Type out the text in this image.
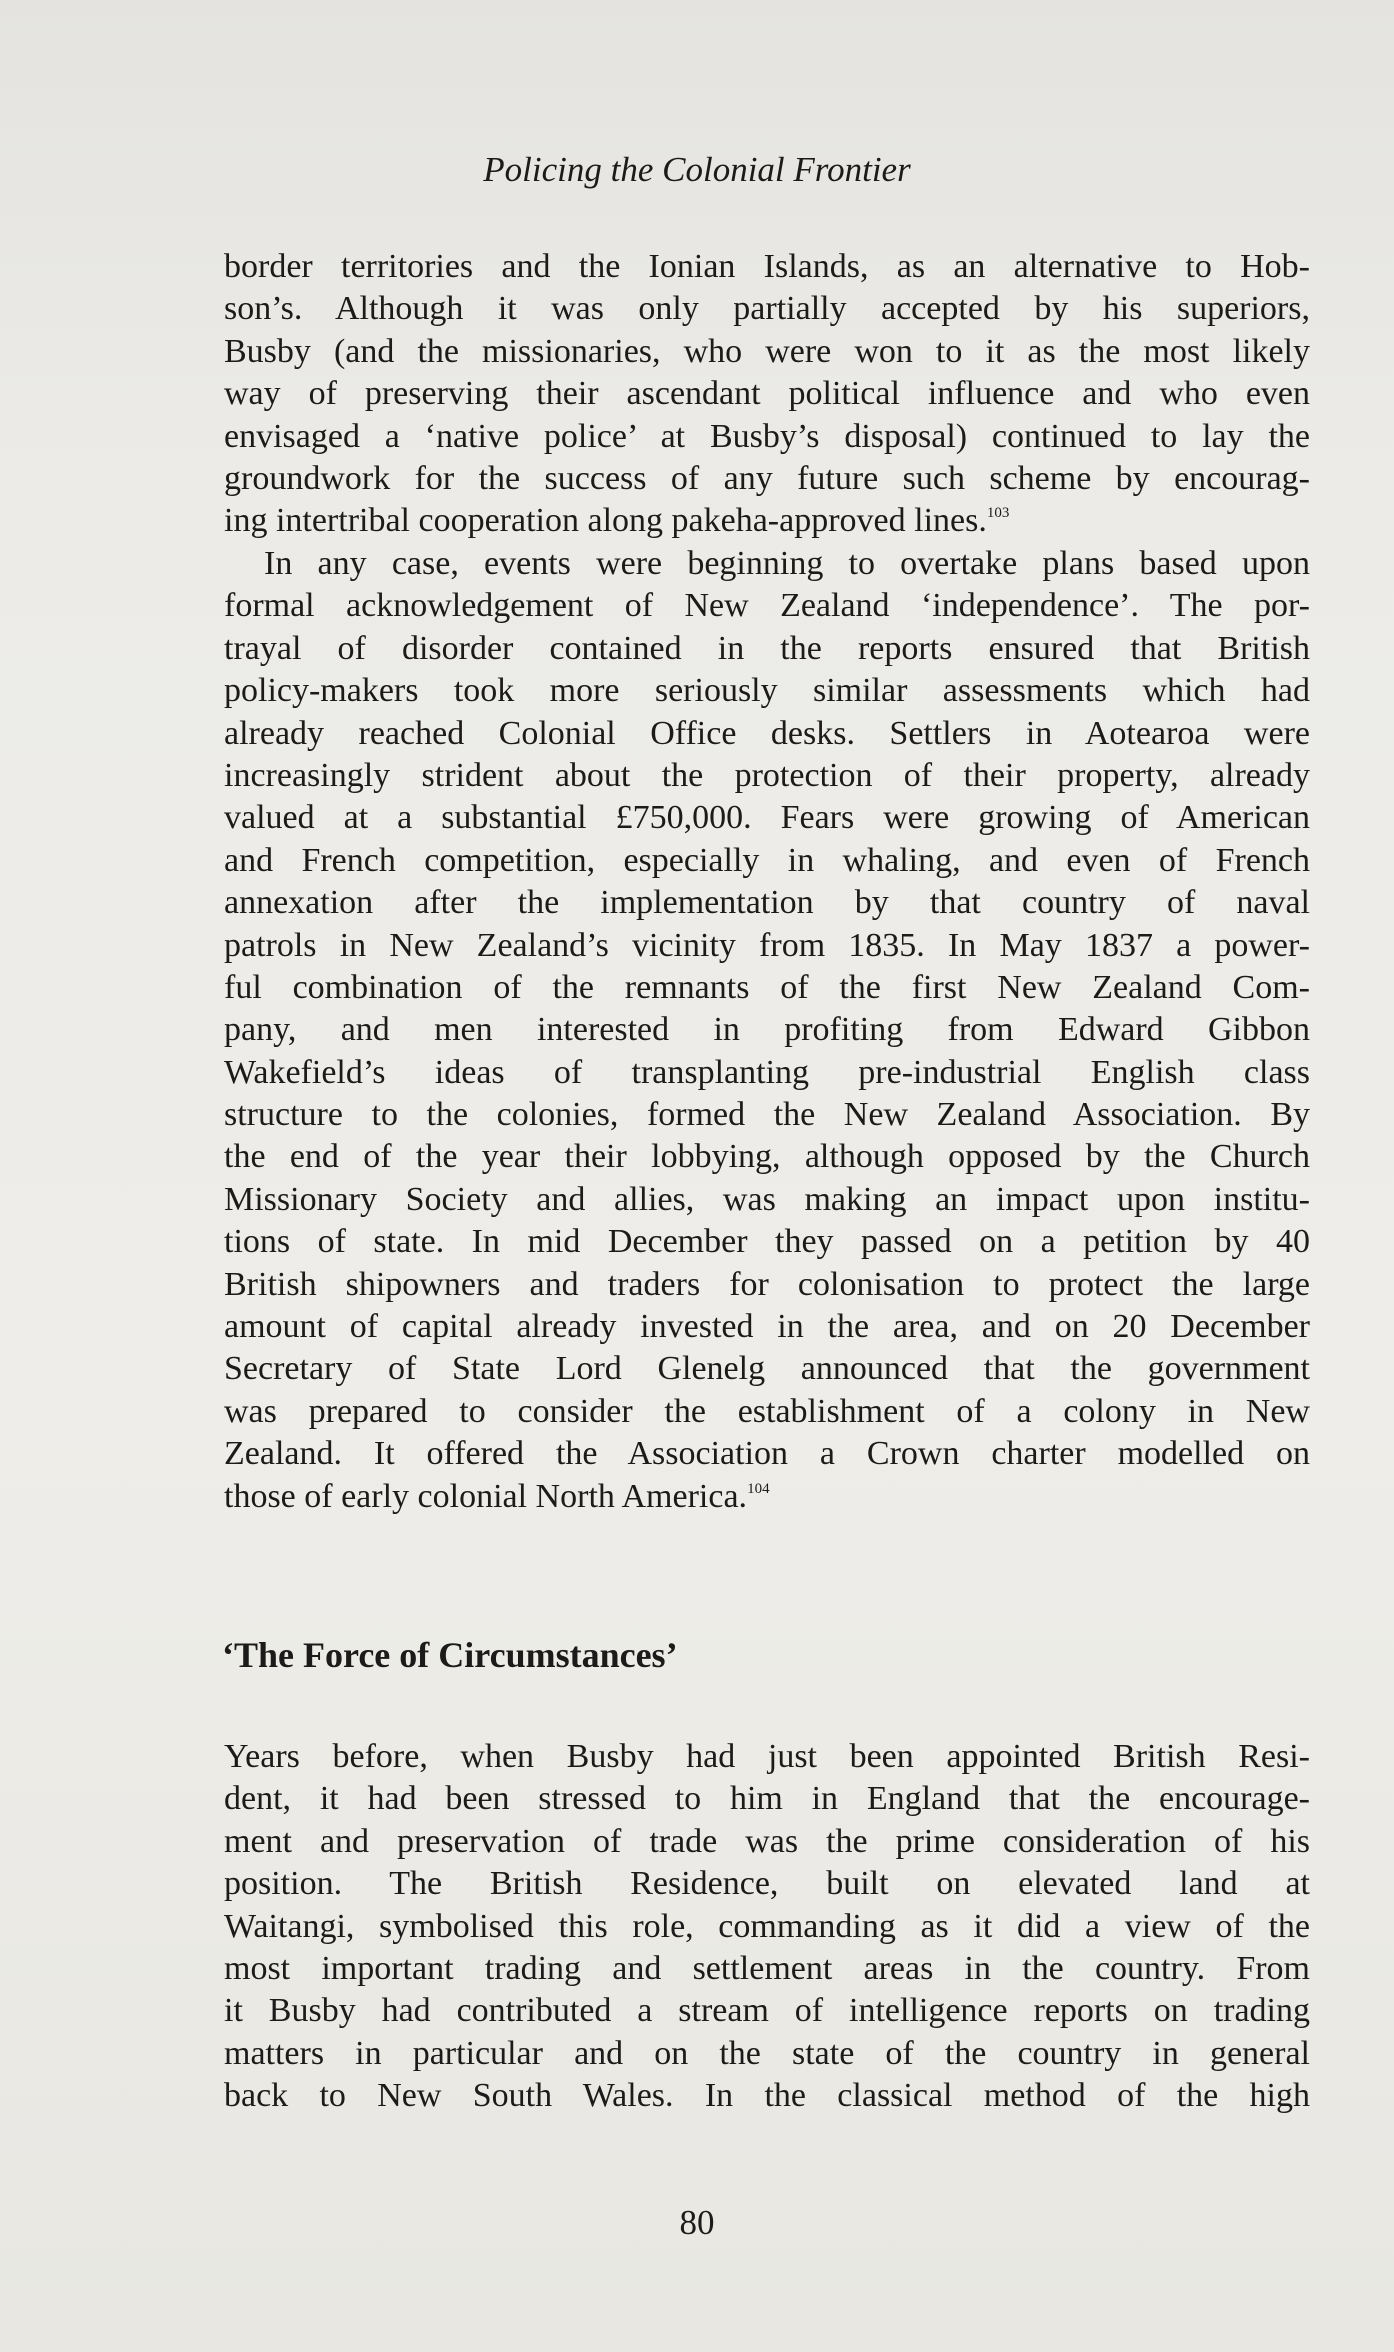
Policing the Colonial Frontier
border territories and the Ionian Islands, as an alternative to Hob-
son’s. Although it was only partially accepted by his superiors,
Busby (and the missionaries, who were won to it as the most likely
way of preserving their ascendant political influence and who even
envisaged a ‘native police’ at Busby’s disposal) continued to lay the
groundwork for the success of any future such scheme by encourag-
ing intertribal cooperation along pakeha-approved lines.$^{103}$
In any case, events were beginning to overtake plans based upon
formal acknowledgement of New Zealand ‘independence’. The por-
trayal of disorder contained in the reports ensured that British
policy-makers took more seriously similar assessments which had
already reached Colonial Office desks. Settlers in Aotearoa were
increasingly strident about the protection of their property, already
valued at a substantial £750,000. Fears were growing of American
and French competition, especially in whaling, and even of French
annexation after the implementation by that country of naval
patrols in New Zealand’s vicinity from 1835. In May 1837 a power-
ful combination of the remnants of the first New Zealand Com-
pany, and men interested in profiting from Edward Gibbon
Wakefield’s ideas of transplanting pre-industrial English class
structure to the colonies, formed the New Zealand Association. By
the end of the year their lobbying, although opposed by the Church
Missionary Society and allies, was making an impact upon institu-
tions of state. In mid December they passed on a petition by 40
British shipowners and traders for colonisation to protect the large
amount of capital already invested in the area, and on 20 December
Secretary of State Lord Glenelg announced that the government
was prepared to consider the establishment of a colony in New
Zealand. It offered the Association a Crown charter modelled on
those of early colonial North America.$^{104}$
‘The Force of Circumstances’
Years before, when Busby had just been appointed British Resi-
dent, it had been stressed to him in England that the encourage-
ment and preservation of trade was the prime consideration of his
position. The British Residence, built on elevated land at
Waitangi, symbolised this role, commanding as it did a view of the
most important trading and settlement areas in the country. From
it Busby had contributed a stream of intelligence reports on trading
matters in particular and on the state of the country in general
back to New South Wales. In the classical method of the high
80
